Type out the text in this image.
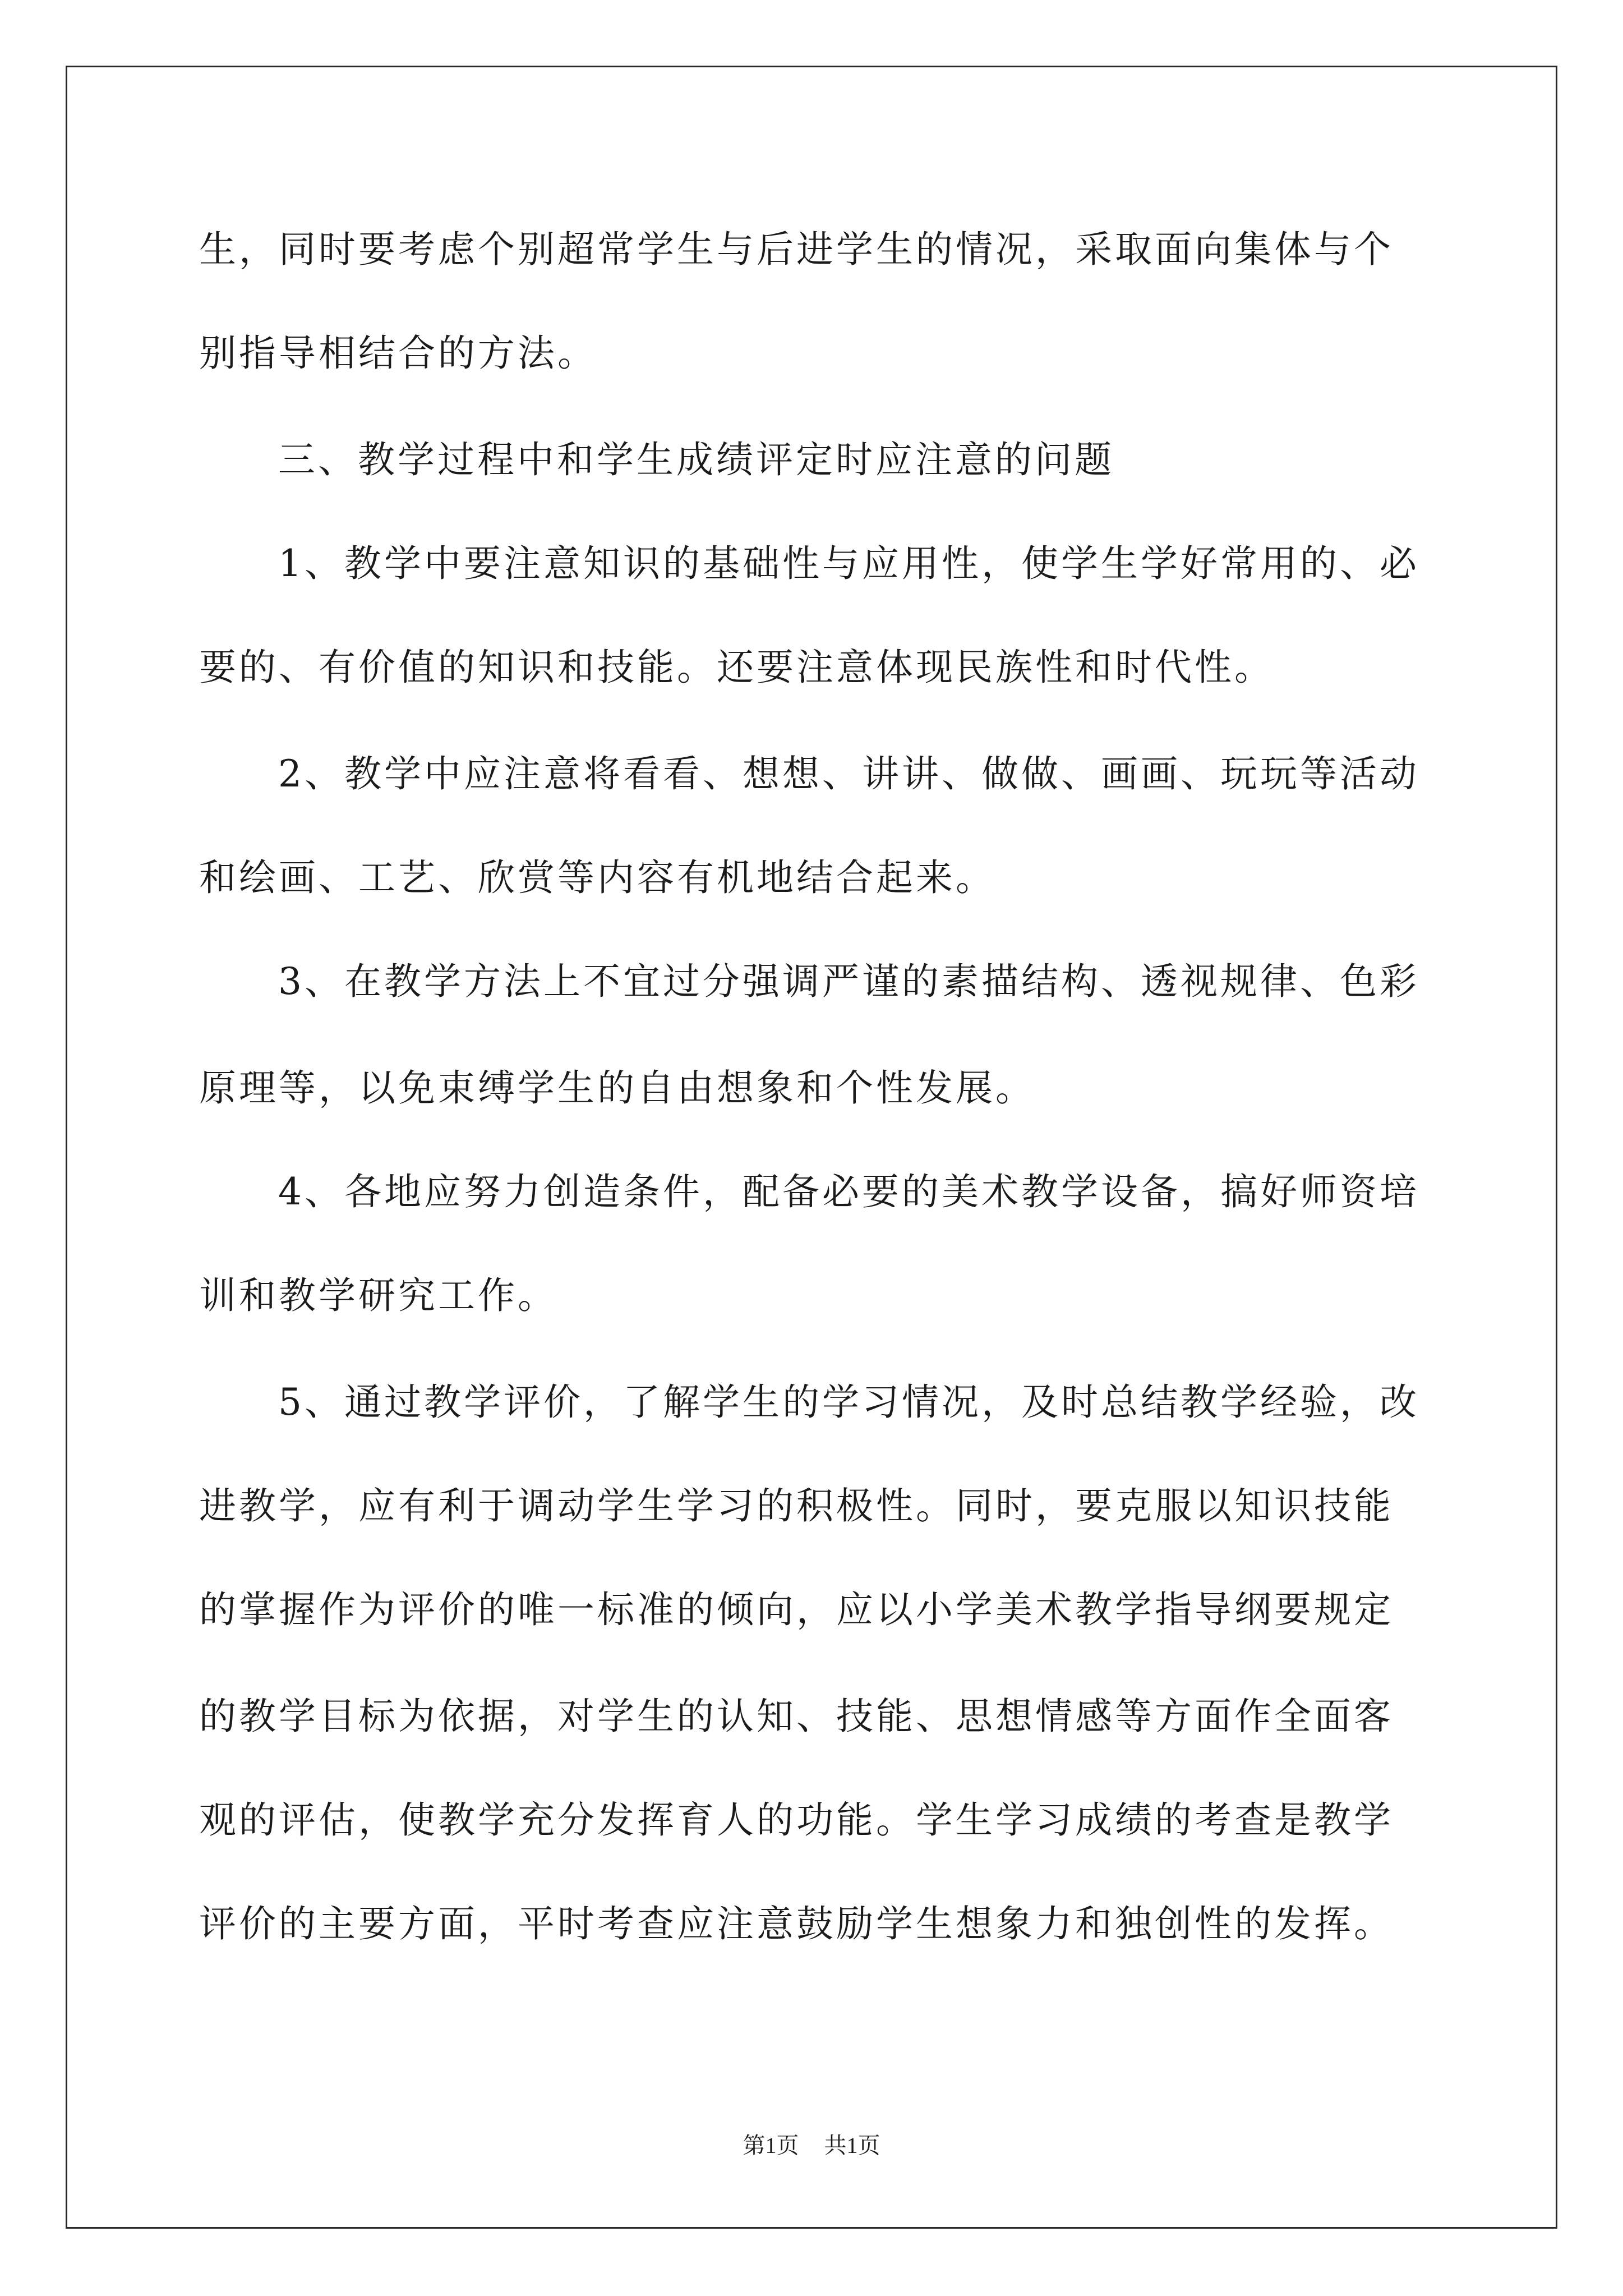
生，同时要考虑个别超常学生与后进学生的情况，采取面向集体与个
别指导相结合的方法。
三、教学过程中和学生成绩评定时应注意的问题
1、教学中要注意知识的基础性与应用性，使学生学好常用的、必
要的、有价值的知识和技能。还要注意体现民族性和时代性。
2、教学中应注意将看看、想想、讲讲、做做、画画、玩玩等活动
和绘画、工艺、欣赏等内容有机地结合起来。
3、在教学方法上不宜过分强调严谨的素描结构、透视规律、色彩
原理等，以免束缚学生的自由想象和个性发展。
4、各地应努力创造条件，配备必要的美术教学设备，搞好师资培
训和教学研究工作。
5、通过教学评价，了解学生的学习情况，及时总结教学经验，改
进教学，应有利于调动学生学习的积极性。同时，要克服以知识技能
的掌握作为评价的唯一标准的倾向，应以小学美术教学指导纲要规定
的教学目标为依据，对学生的认知、技能、思想情感等方面作全面客
观的评估，使教学充分发挥育人的功能。学生学习成绩的考查是教学
评价的主要方面，平时考查应注意鼓励学生想象力和独创性的发挥。
第1页 共1页
